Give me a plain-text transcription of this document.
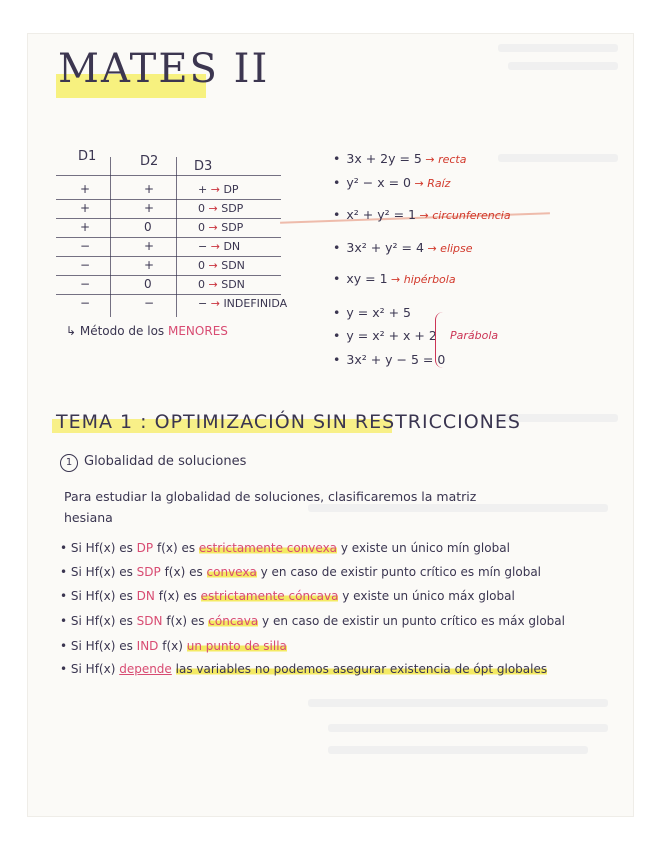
MATES II
D1	D2	D3
+	+	+ → DP
+	+	0 → SDP
+	0	0 → SDP
−	+	− → DN
−	+	0 → SDN
−	0	0 → SDN
−	−	− → INDEFINIDA
↳ Método de los MENORES
• 3x + 2y = 5 → recta
• y² − x = 0 → Raíz
• x² + y² = 1 → circunferencia
• 3x² + y² = 4 → elipse
• xy = 1 → hipérbola
• y = x² + 5
• y = x² + x + 2
• 3x² + y − 5 = 0
Parábola
TEMA 1 : OPTIMIZACIÓN SIN RESTRICCIONES
1 Globalidad de soluciones
Para estudiar la globalidad de soluciones, clasificaremos la matriz
hesiana
• Si Hf(x) es DP f(x) es estrictamente convexa y existe un único mín global
• Si Hf(x) es SDP f(x) es convexa y en caso de existir punto crítico es mín global
• Si Hf(x) es DN f(x) es estrictamente cóncava y existe un único máx global
• Si Hf(x) es SDN f(x) es cóncava y en caso de existir un punto crítico es máx global
• Si Hf(x) es IND f(x) un punto de silla
• Si Hf(x) depende las variables no podemos asegurar existencia de ópt globales
